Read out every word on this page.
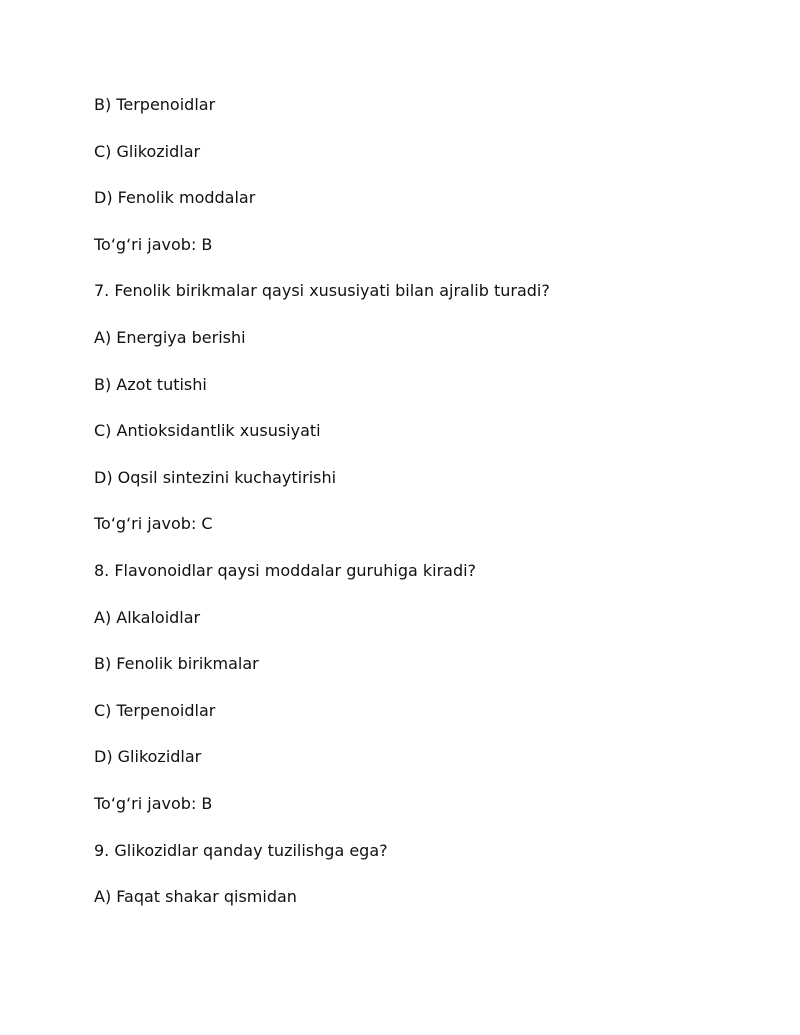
B) Terpenoidlar
C) Glikozidlar
D) Fenolik moddalar
To‘g‘ri javob: B
7. Fenolik birikmalar qaysi xususiyati bilan ajralib turadi?
A) Energiya berishi
B) Azot tutishi
C) Antioksidantlik xususiyati
D) Oqsil sintezini kuchaytirishi
To‘g‘ri javob: C
8. Flavonoidlar qaysi moddalar guruhiga kiradi?
A) Alkaloidlar
B) Fenolik birikmalar
C) Terpenoidlar
D) Glikozidlar
To‘g‘ri javob: B
9. Glikozidlar qanday tuzilishga ega?
A) Faqat shakar qismidan
